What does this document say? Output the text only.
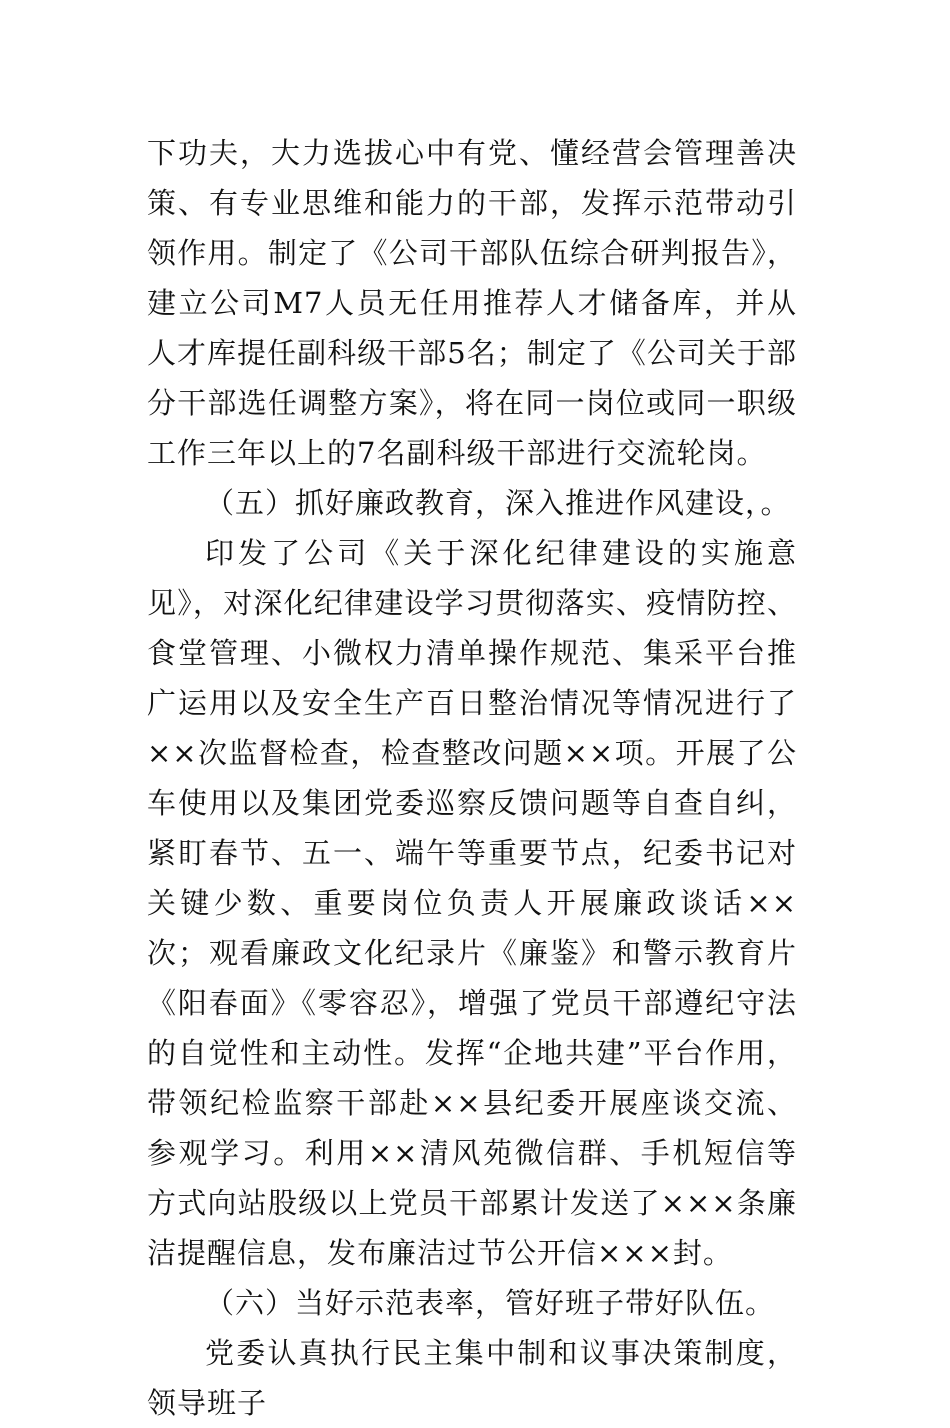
下功夫，大力选拔心中有党、懂经营会管理善决策、有专业思维和能力的干部，发挥示范带动引领作用。制定了《公司干部队伍综合研判报告》，建立公司M7人员无任用推荐人才储备库，并从人才库提任副科级干部5名；制定了《公司关于部分干部选任调整方案》，将在同一岗位或同一职级工作三年以上的7名副科级干部进行交流轮岗。

（五）抓好廉政教育，深入推进作风建设，。

印发了公司《关于深化纪律建设的实施意见》，对深化纪律建设学习贯彻落实、疫情防控、食堂管理、小微权力清单操作规范、集采平台推广运用以及安全生产百日整治情况等情况进行了××次监督检查，检查整改问题××项。开展了公车使用以及集团党委巡察反馈问题等自查自纠，紧盯春节、五一、端午等重要节点，纪委书记对关键少数、重要岗位负责人开展廉政谈话××次；观看廉政文化纪录片《廉鉴》和警示教育片《阳春面》《零容忍》，增强了党员干部遵纪守法的自觉性和主动性。发挥“企地共建”平台作用，带领纪检监察干部赴××县纪委开展座谈交流、参观学习。利用××清风苑微信群、手机短信等方式向站股级以上党员干部累计发送了×××条廉洁提醒信息，发布廉洁过节公开信×××封。

（六）当好示范表率，管好班子带好队伍。

党委认真执行民主集中制和议事决策制度，领导班子
